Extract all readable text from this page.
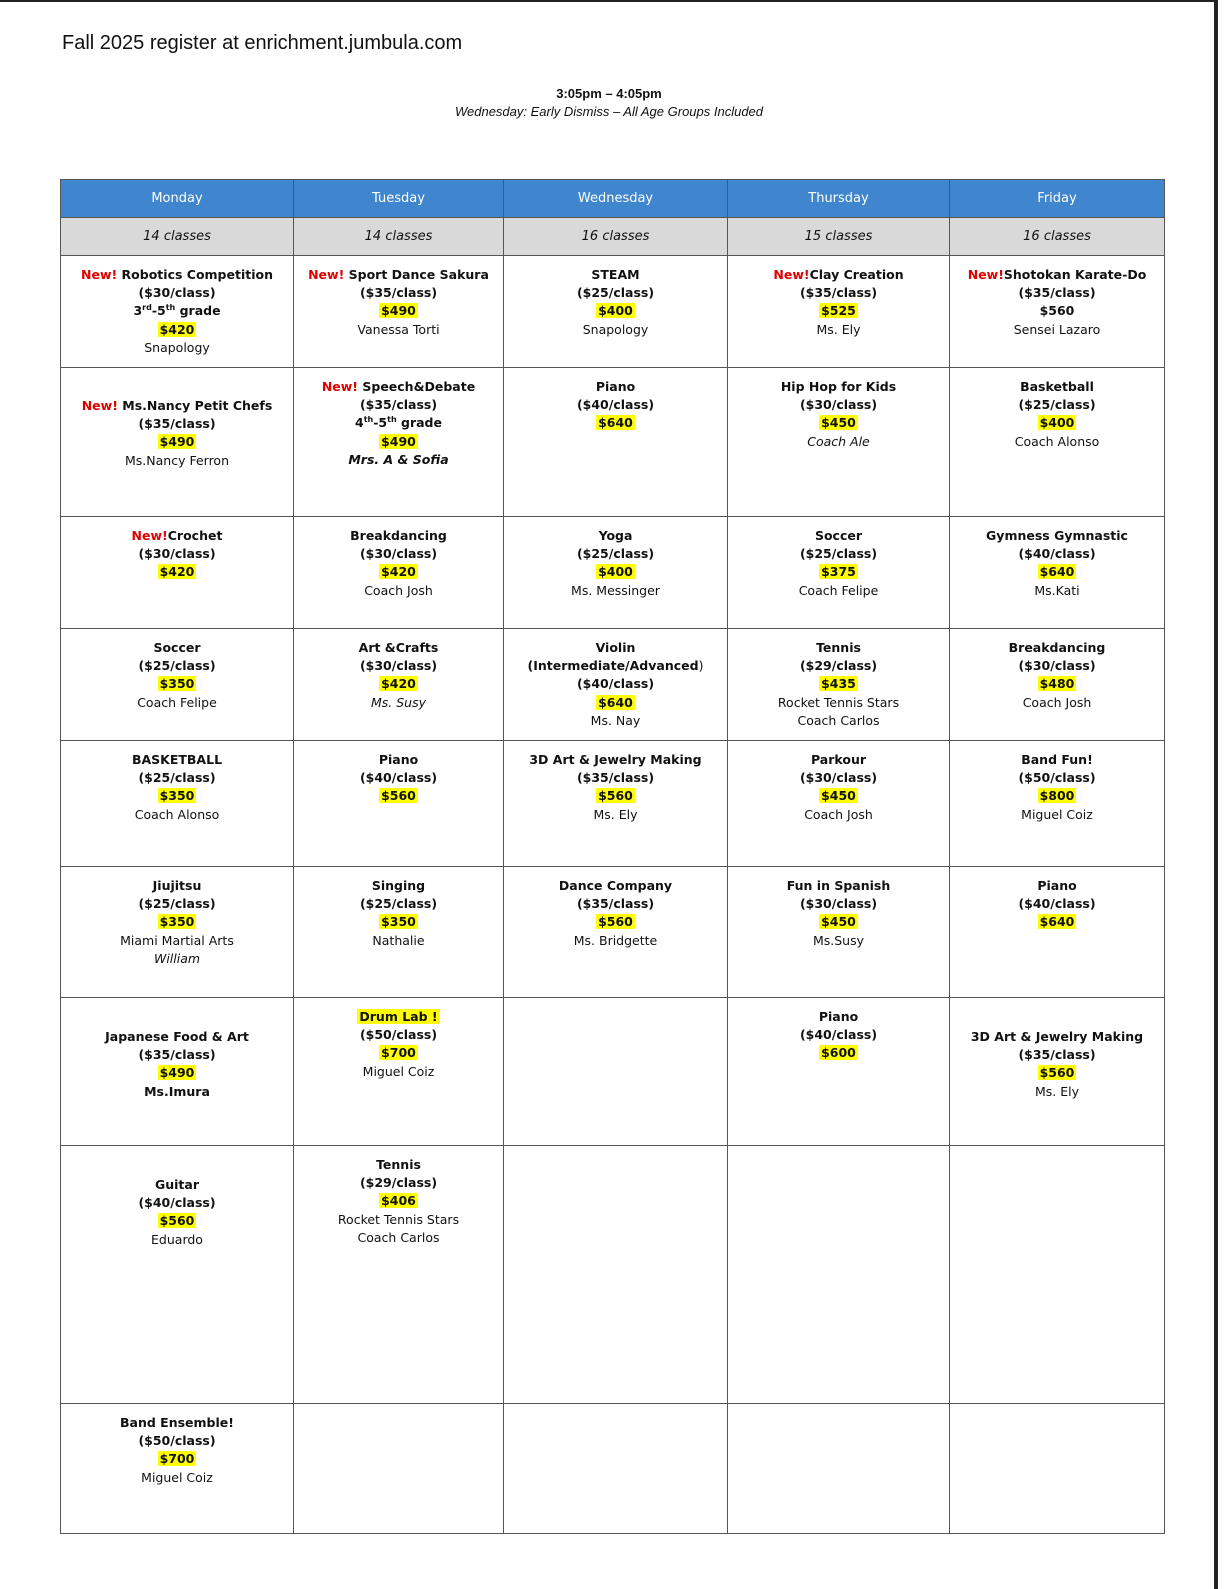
Fall 2025 register at enrichment.jumbula.com
3:05pm – 4:05pm
Wednesday: Early Dismiss – All Age Groups Included
Monday	Tuesday	Wednesday	Thursday	Friday
14 classes	14 classes	16 classes	15 classes	16 classes

New! Robotics Competition
($30/class)
3rd-5th grade
$420
Snapology	New! Sport Dance Sakura
($35/class)
$490
Vanessa Torti	STEAM
($25/class)
$400
Snapology	New!Clay Creation
($35/class)
$525
Ms. Ely	New!Shotokan Karate-Do
($35/class)
$560
Sensei Lazaro

New! Ms.Nancy Petit Chefs
($35/class)
$490
Ms.Nancy Ferron	New! Speech&Debate
($35/class)
4th-5th grade
$490
Mrs. A & Sofia	Piano
($40/class)
$640	Hip Hop for Kids
($30/class)
$450
Coach Ale	Basketball
($25/class)
$400
Coach Alonso

New!Crochet
($30/class)
$420	Breakdancing
($30/class)
$420
Coach Josh	Yoga
($25/class)
$400
Ms. Messinger	Soccer
($25/class)
$375
Coach Felipe	Gymness Gymnastic
($40/class)
$640
Ms.Kati

Soccer
($25/class)
$350
Coach Felipe	Art &Crafts
($30/class)
$420
Ms. Susy	Violin
(Intermediate/Advanced)
($40/class)
$640
Ms. Nay	Tennis
($29/class)
$435
Rocket Tennis Stars
Coach Carlos	Breakdancing
($30/class)
$480
Coach Josh

BASKETBALL
($25/class)
$350
Coach Alonso	Piano
($40/class)
$560	3D Art & Jewelry Making
($35/class)
$560
Ms. Ely	Parkour
($30/class)
$450
Coach Josh	Band Fun!
($50/class)
$800
Miguel Coiz

Jiujitsu
($25/class)
$350
Miami Martial Arts
William	Singing
($25/class)
$350
Nathalie	Dance Company
($35/class)
$560
Ms. Bridgette	Fun in Spanish
($30/class)
$450
Ms.Susy	Piano
($40/class)
$640

Japanese Food & Art
($35/class)
$490
Ms.Imura	Drum Lab !
($50/class)
$700
Miguel Coiz		Piano
($40/class)
$600	3D Art & Jewelry Making
($35/class)
$560
Ms. Ely

Guitar
($40/class)
$560
Eduardo	Tennis
($29/class)
$406
Rocket Tennis Stars
Coach Carlos			

Band Ensemble!
($50/class)
$700
Miguel Coiz				
